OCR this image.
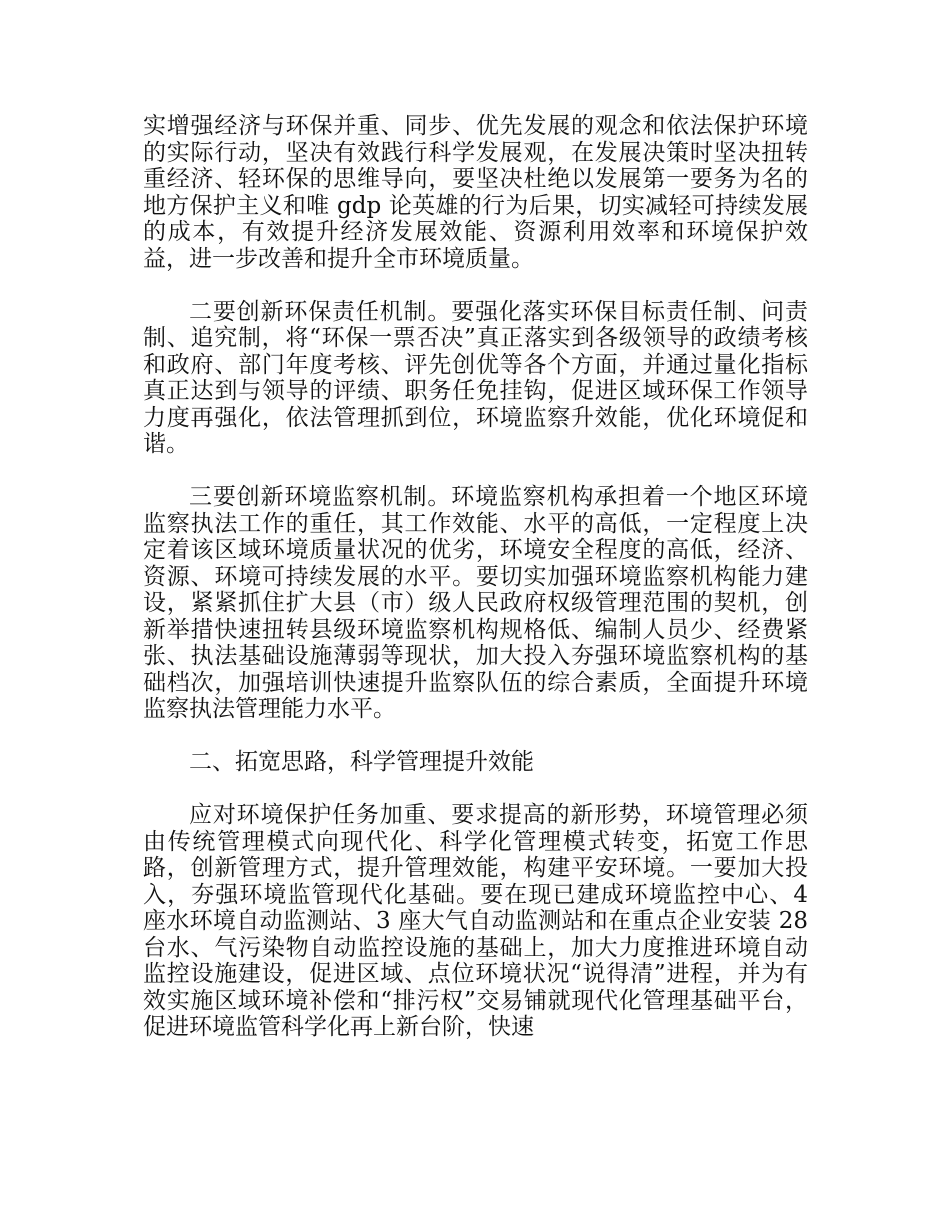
实增强经济与环保并重、同步、优先发展的观念和依法保护环境的实际行动，坚决有效践行科学发展观，在发展决策时坚决扭转重经济、轻环保的思维导向，要坚决杜绝以发展第一要务为名的地方保护主义和唯 gdp 论英雄的行为后果，切实减轻可持续发展的成本，有效提升经济发展效能、资源利用效率和环境保护效益，进一步改善和提升全市环境质量。

二要创新环保责任机制。要强化落实环保目标责任制、问责制、追究制，将“环保一票否决”真正落实到各级领导的政绩考核和政府、部门年度考核、评先创优等各个方面，并通过量化指标真正达到与领导的评绩、职务任免挂钩，促进区域环保工作领导力度再强化，依法管理抓到位，环境监察升效能，优化环境促和谐。

三要创新环境监察机制。环境监察机构承担着一个地区环境监察执法工作的重任，其工作效能、水平的高低，一定程度上决定着该区域环境质量状况的优劣，环境安全程度的高低，经济、资源、环境可持续发展的水平。要切实加强环境监察机构能力建设，紧紧抓住扩大县（市）级人民政府权级管理范围的契机，创新举措快速扭转县级环境监察机构规格低、编制人员少、经费紧张、执法基础设施薄弱等现状，加大投入夯强环境监察机构的基础档次，加强培训快速提升监察队伍的综合素质，全面提升环境监察执法管理能力水平。

二、拓宽思路，科学管理提升效能

应对环境保护任务加重、要求提高的新形势，环境管理必须由传统管理模式向现代化、科学化管理模式转变，拓宽工作思路，创新管理方式，提升管理效能，构建平安环境。一要加大投入，夯强环境监管现代化基础。要在现已建成环境监控中心、4 座水环境自动监测站、3 座大气自动监测站和在重点企业安装 28 台水、气污染物自动监控设施的基础上，加大力度推进环境自动监控设施建设，促进区域、点位环境状况“说得清”进程，并为有效实施区域环境补偿和“排污权”交易铺就现代化管理基础平台，促进环境监管科学化再上新台阶，快速
